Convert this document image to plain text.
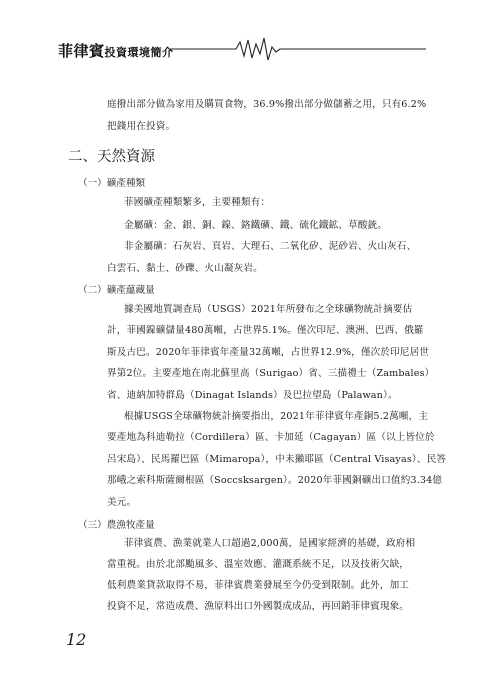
菲律賓投資環境簡介
庭撥出部分做為家用及購買食物，36.9%撥出部分做儲蓄之用，只有6.2%
把錢用在投資。
二、天然資源
（一）礦產種類
菲國礦產種類繁多，主要種類有：
金屬礦：金、銀、銅、鎳、鉻鐵礦、鐵、硫化鐵鉱、草酸銃。
非金屬礦：石灰岩、頁岩、大理石、二氧化矽、泥砂岩、火山灰石、
白雲石、黏土、砂礫、火山凝灰岩。
（二）礦產蘊藏量
據美國地質調查局（USGS）2021年所發布之全球礦物統計摘要估
計，菲國鎳礦儲量480萬噸，占世界5.1%。僅次印尼、澳洲、巴西、俄羅
斯及古巴。2020年菲律賓年產量32萬噸，占世界12.9%，僅次於印尼居世
界第2位。主要產地在南北蘇里高（Surigao）省、三描禮士（Zambales）
省、迪納加特群島（Dinagat Islands）及巴拉望島（Palawan）。
根據USGS全球礦物統計摘要指出，2021年菲律賓年產銅5.2萬噸，主
要產地為科迪勒拉（Cordillera）區、卡加延（Cagayan）區（以上皆位於
呂宋島）、民馬羅巴區（Mimaropa），中未獺耶區（Central Visayas）、民答
那峨之索科斯薩爾根區（Soccsksargen）。2020年菲國銅礦出口值約3.34億
美元。
（三）農漁牧產量
菲律賓農、漁業就業人口超過2,000萬，是國家經濟的基礎，政府相
當重視。由於北部颱風多、溫室效應、灌溉系統不足，以及技術欠缺，
低利農業貸款取得不易，菲律賓農業發展至今仍受到限制。此外，加工
投資不足，常造成農、漁原料出口外國製成成品，再回銷菲律賓現象。
12
